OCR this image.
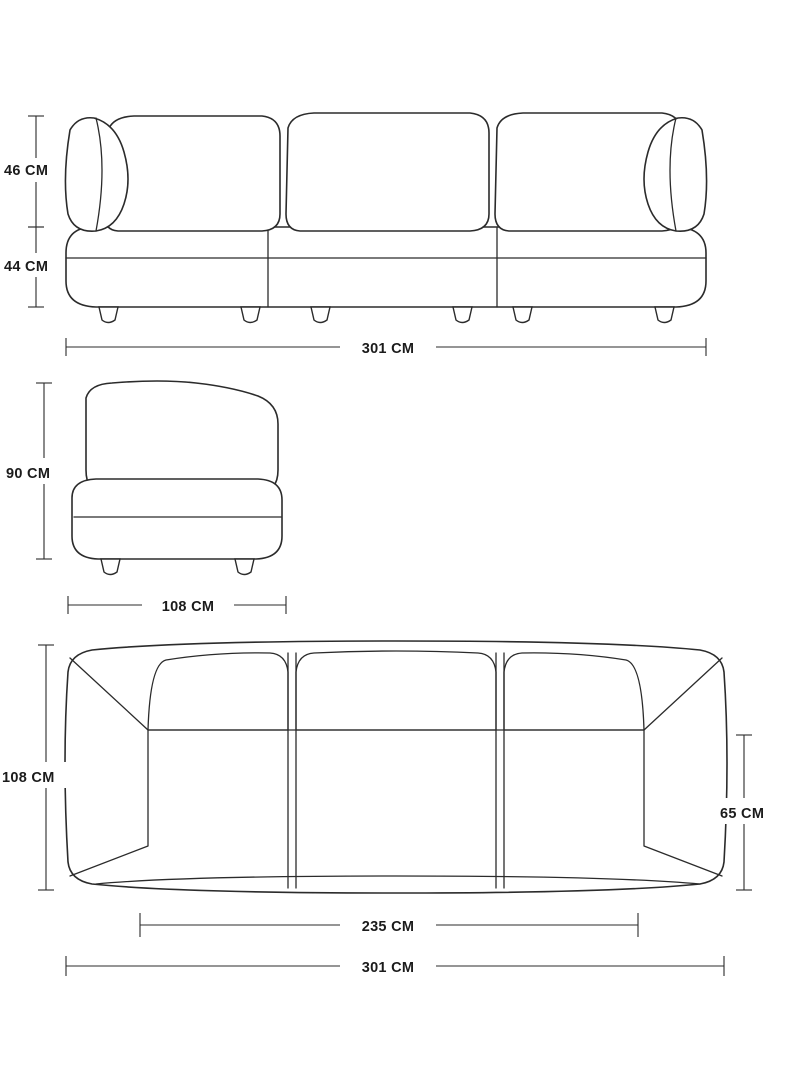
46 CM
44 CM
301 CM
90 CM
108 CM
108 CM
65 CM
235 CM
301 CM
